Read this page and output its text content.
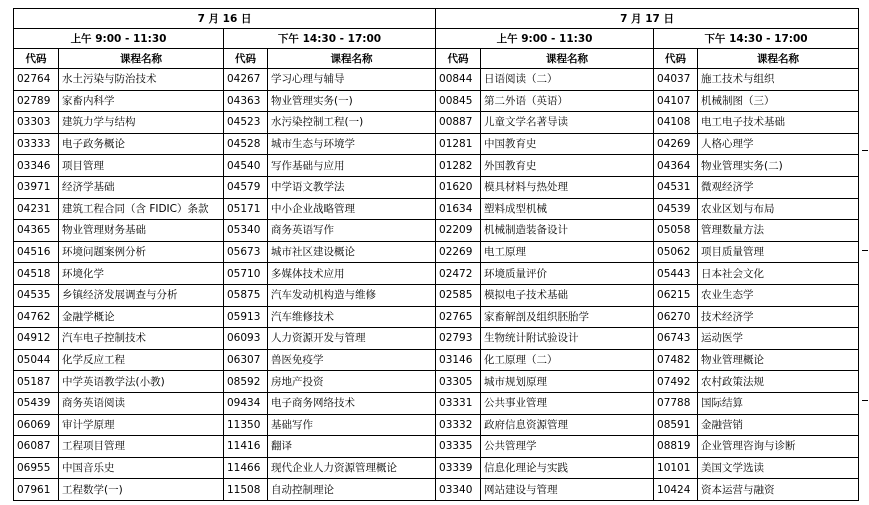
7 月 16 日				7 月 17 日			
上午 9:00 - 11:30		下午 14:30 - 17:00		上午 9:00 - 11:30		下午 14:30 - 17:00	
代码	课程名称	代码	课程名称	代码	课程名称	代码	课程名称
02764	水土污染与防治技术	04267	学习心理与辅导	00844	日语阅读（二）	04037	施工技术与组织
02789	家畜内科学	04363	物业管理实务(一)	00845	第二外语（英语）	04107	机械制图（三）
03303	建筑力学与结构	04523	水污染控制工程(一)	00887	儿童文学名著导读	04108	电工电子技术基础
03333	电子政务概论	04528	城市生态与环境学	01281	中国教育史	04269	人格心理学
03346	项目管理	04540	写作基础与应用	01282	外国教育史	04364	物业管理实务(二)
03971	经济学基础	04579	中学语文教学法	01620	模具材料与热处理	04531	微观经济学
04231	建筑工程合同（含 FIDIC）条款	05171	中小企业战略管理	01634	塑料成型机械	04539	农业区划与布局
04365	物业管理财务基础	05340	商务英语写作	02209	机械制造装备设计	05058	管理数量方法
04516	环境问题案例分析	05673	城市社区建设概论	02269	电工原理	05062	项目质量管理
04518	环境化学	05710	多媒体技术应用	02472	环境质量评价	05443	日本社会文化
04535	乡镇经济发展调查与分析	05875	汽车发动机构造与维修	02585	模拟电子技术基础	06215	农业生态学
04762	金融学概论	05913	汽车维修技术	02765	家畜解剖及组织胚胎学	06270	技术经济学
04912	汽车电子控制技术	06093	人力资源开发与管理	02793	生物统计附试验设计	06743	运动医学
05044	化学反应工程	06307	兽医免疫学	03146	化工原理（二）	07482	物业管理概论
05187	中学英语教学法(小教)	08592	房地产投资	03305	城市规划原理	07492	农村政策法规
05439	商务英语阅读	09434	电子商务网络技术	03331	公共事业管理	07788	国际结算
06069	审计学原理	11350	基础写作	03332	政府信息资源管理	08591	金融营销
06087	工程项目管理	11416	翻译	03335	公共管理学	08819	企业管理咨询与诊断
06955	中国音乐史	11466	现代企业人力资源管理概论	03339	信息化理论与实践	10101	美国文学选读
07961	工程数学(一)	11508	自动控制理论	03340	网站建设与管理	10424	资本运营与融资
